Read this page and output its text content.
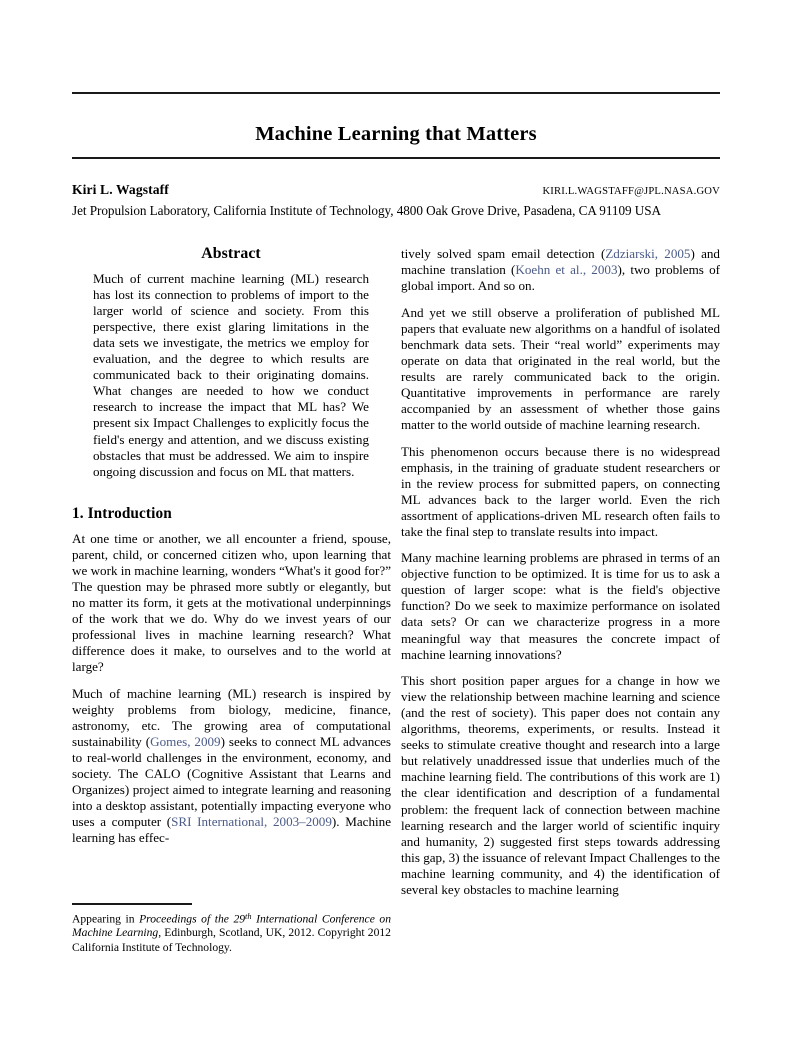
Machine Learning that Matters
Kiri L. Wagstaff	KIRI.L.WAGSTAFF@JPL.NASA.GOV
Jet Propulsion Laboratory, California Institute of Technology, 4800 Oak Grove Drive, Pasadena, CA 91109 USA
Abstract

Much of current machine learning (ML) research has lost its connection to problems of import to the larger world of science and society. From this perspective, there exist glaring limitations in the data sets we investigate, the metrics we employ for evaluation, and the degree to which results are communicated back to their originating domains. What changes are needed to how we conduct research to increase the impact that ML has? We present six Impact Challenges to explicitly focus the field's energy and attention, and we discuss existing obstacles that must be addressed. We aim to inspire ongoing discussion and focus on ML that matters.

1. Introduction

At one time or another, we all encounter a friend, spouse, parent, child, or concerned citizen who, upon learning that we work in machine learning, wonders “What's it good for?” The question may be phrased more subtly or elegantly, but no matter its form, it gets at the motivational underpinnings of the work that we do. Why do we invest years of our professional lives in machine learning research? What difference does it make, to ourselves and to the world at large?

Much of machine learning (ML) research is inspired by weighty problems from biology, medicine, finance, astronomy, etc. The growing area of computational sustainability (Gomes, 2009) seeks to connect ML advances to real-world challenges in the environment, economy, and society. The CALO (Cognitive Assistant that Learns and Organizes) project aimed to integrate learning and reasoning into a desktop assistant, potentially impacting everyone who uses a computer (SRI International, 2003–2009). Machine learning has effec-

tively solved spam email detection (Zdziarski, 2005) and machine translation (Koehn et al., 2003), two problems of global import. And so on.

And yet we still observe a proliferation of published ML papers that evaluate new algorithms on a handful of isolated benchmark data sets. Their “real world” experiments may operate on data that originated in the real world, but the results are rarely communicated back to the origin. Quantitative improvements in performance are rarely accompanied by an assessment of whether those gains matter to the world outside of machine learning research.

This phenomenon occurs because there is no widespread emphasis, in the training of graduate student researchers or in the review process for submitted papers, on connecting ML advances back to the larger world. Even the rich assortment of applications-driven ML research often fails to take the final step to translate results into impact.

Many machine learning problems are phrased in terms of an objective function to be optimized. It is time for us to ask a question of larger scope: what is the field's objective function? Do we seek to maximize performance on isolated data sets? Or can we characterize progress in a more meaningful way that measures the concrete impact of machine learning innovations?

This short position paper argues for a change in how we view the relationship between machine learning and science (and the rest of society). This paper does not contain any algorithms, theorems, experiments, or results. Instead it seeks to stimulate creative thought and research into a large but relatively unaddressed issue that underlies much of the machine learning field. The contributions of this work are 1) the clear identification and description of a fundamental problem: the frequent lack of connection between machine learning research and the larger world of scientific inquiry and humanity, 2) suggested first steps towards addressing this gap, 3) the issuance of relevant Impact Challenges to the machine learning community, and 4) the identification of several key obstacles to machine learning

Appearing in Proceedings of the 29th International Conference on Machine Learning, Edinburgh, Scotland, UK, 2012. Copyright 2012 California Institute of Technology.
